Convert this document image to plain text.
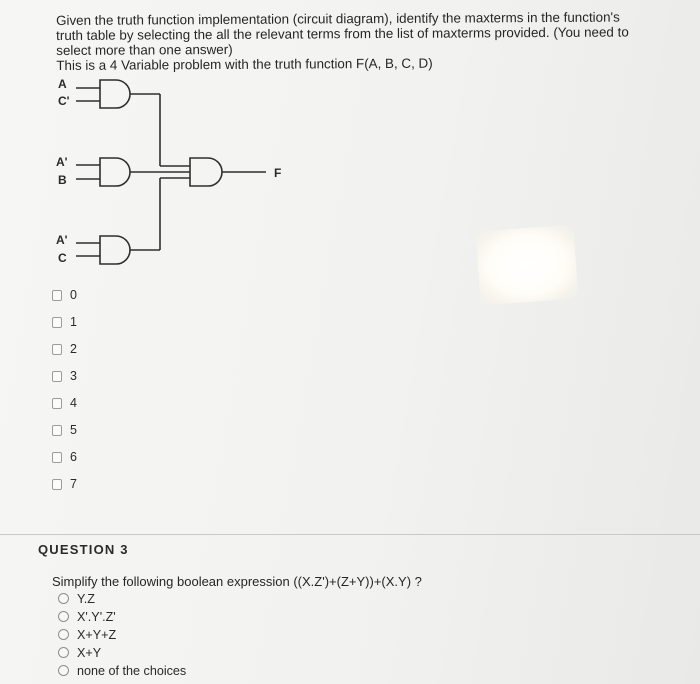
Given the truth function implementation (circuit diagram), identify the maxterms in the function's
truth table by selecting the all the relevant terms from the list of maxterms provided. (You need to
select more than one answer)
This is a 4 Variable problem with the truth function F(A, B, C, D)
A
C'
A'
B
A'
C
F
0
1
2
3
4
5
6
7
QUESTION 3
Simplify the following boolean expression ((X.Z')+(Z+Y))+(X.Y) ?
Y.Z
X'.Y'.Z'
X+Y+Z
X+Y
none of the choices
